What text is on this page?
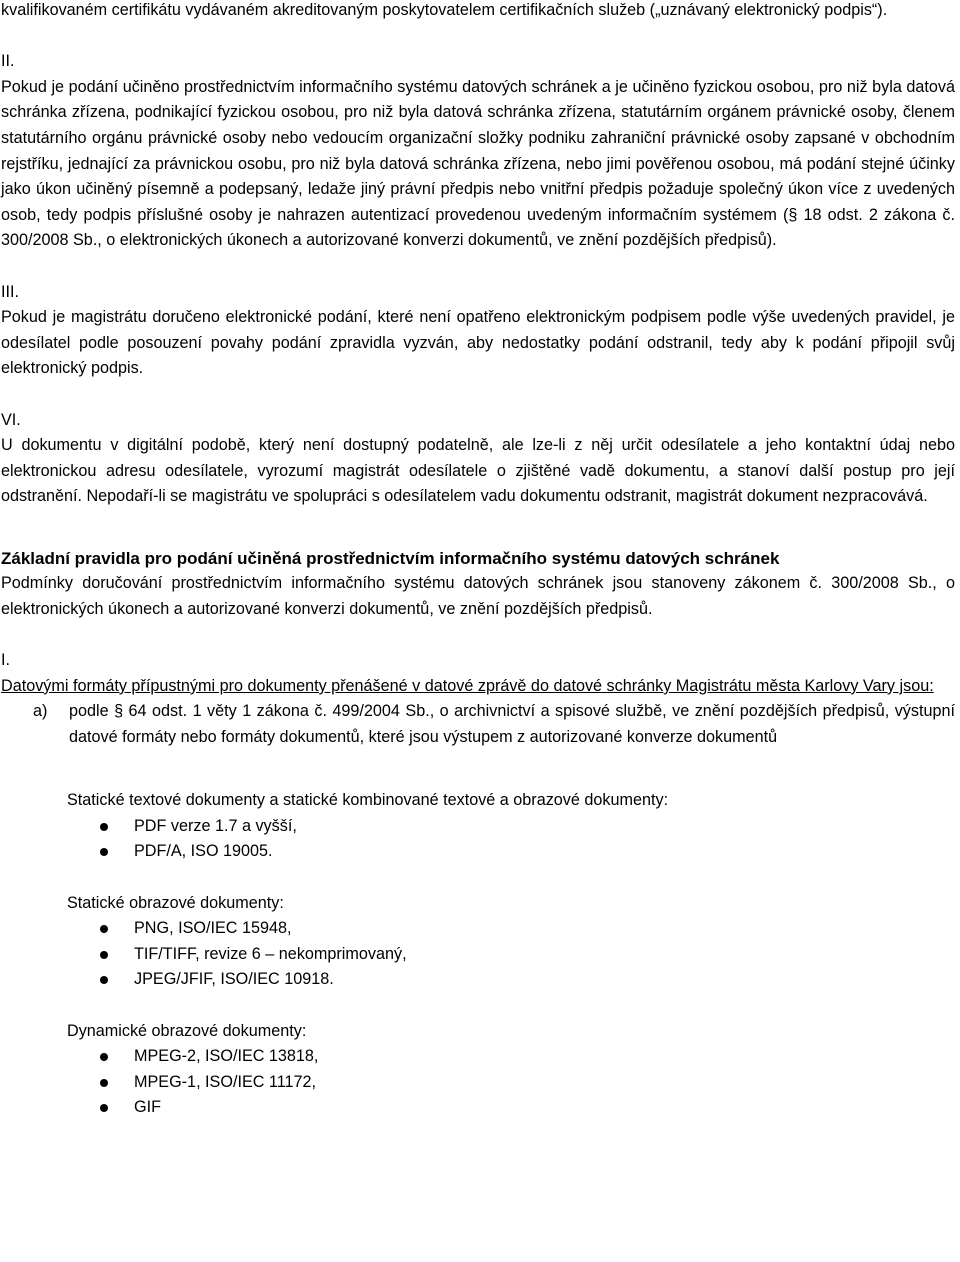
kvalifikovaném certifikátu vydávaném akreditovaným poskytovatelem certifikačních služeb („uznávaný elektronický podpis“).

II.

Pokud je podání učiněno prostřednictvím informačního systému datových schránek a je učiněno fyzickou osobou, pro niž byla datová schránka zřízena, podnikající fyzickou osobou, pro niž byla datová schránka zřízena, statutárním orgánem právnické osoby, členem statutárního orgánu právnické osoby nebo vedoucím organizační složky podniku zahraniční právnické osoby zapsané v obchodním rejstříku, jednající za právnickou osobu, pro niž byla datová schránka zřízena, nebo jimi pověřenou osobou, má podání stejné účinky jako úkon učiněný písemně a podepsaný, ledaže jiný právní předpis nebo vnitřní předpis požaduje společný úkon více z uvedených osob, tedy podpis příslušné osoby je nahrazen autentizací provedenou uvedeným informačním systémem (§ 18 odst. 2 zákona č. 300/2008 Sb., o elektronických úkonech a autorizované konverzi dokumentů, ve znění pozdějších předpisů).

III.

Pokud je magistrátu doručeno elektronické podání, které není opatřeno elektronickým podpisem podle výše uvedených pravidel, je odesílatel podle posouzení povahy podání zpravidla vyzván, aby nedostatky podání odstranil, tedy aby k podání připojil svůj elektronický podpis.

VI.

U dokumentu v digitální podobě, který není dostupný podatelně, ale lze-li z něj určit odesílatele a jeho kontaktní údaj nebo elektronickou adresu odesílatele, vyrozumí magistrát odesílatele o zjištěné vadě dokumentu, a stanoví další postup pro její odstranění. Nepodaří-li se magistrátu ve spolupráci s odesílatelem vadu dokumentu odstranit, magistrát dokument nezpracovává.

Základní pravidla pro podání učiněná prostřednictvím informačního systému datových schránek

Podmínky doručování prostřednictvím informačního systému datových schránek jsou stanoveny zákonem č. 300/2008 Sb., o elektronických úkonech a autorizované konverzi dokumentů, ve znění pozdějších předpisů.

I.

Datovými formáty přípustnými pro dokumenty přenášené v datové zprávě do datové schránky Magistrátu města Karlovy Vary jsou:

a)	podle § 64 odst. 1 věty 1 zákona č. 499/2004 Sb., o archivnictví a spisové službě, ve znění pozdějších předpisů, výstupní datové formáty nebo formáty dokumentů, které jsou výstupem z autorizované konverze dokumentů

Statické textové dokumenty a statické kombinované textové a obrazové dokumenty:

PDF verze 1.7 a vyšší,
PDF/A, ISO 19005.

Statické obrazové dokumenty:

PNG, ISO/IEC 15948,
TIF/TIFF, revize 6 – nekomprimovaný,
JPEG/JFIF, ISO/IEC 10918.

Dynamické obrazové dokumenty:

MPEG-2, ISO/IEC 13818,
MPEG-1, ISO/IEC 11172,
GIF
